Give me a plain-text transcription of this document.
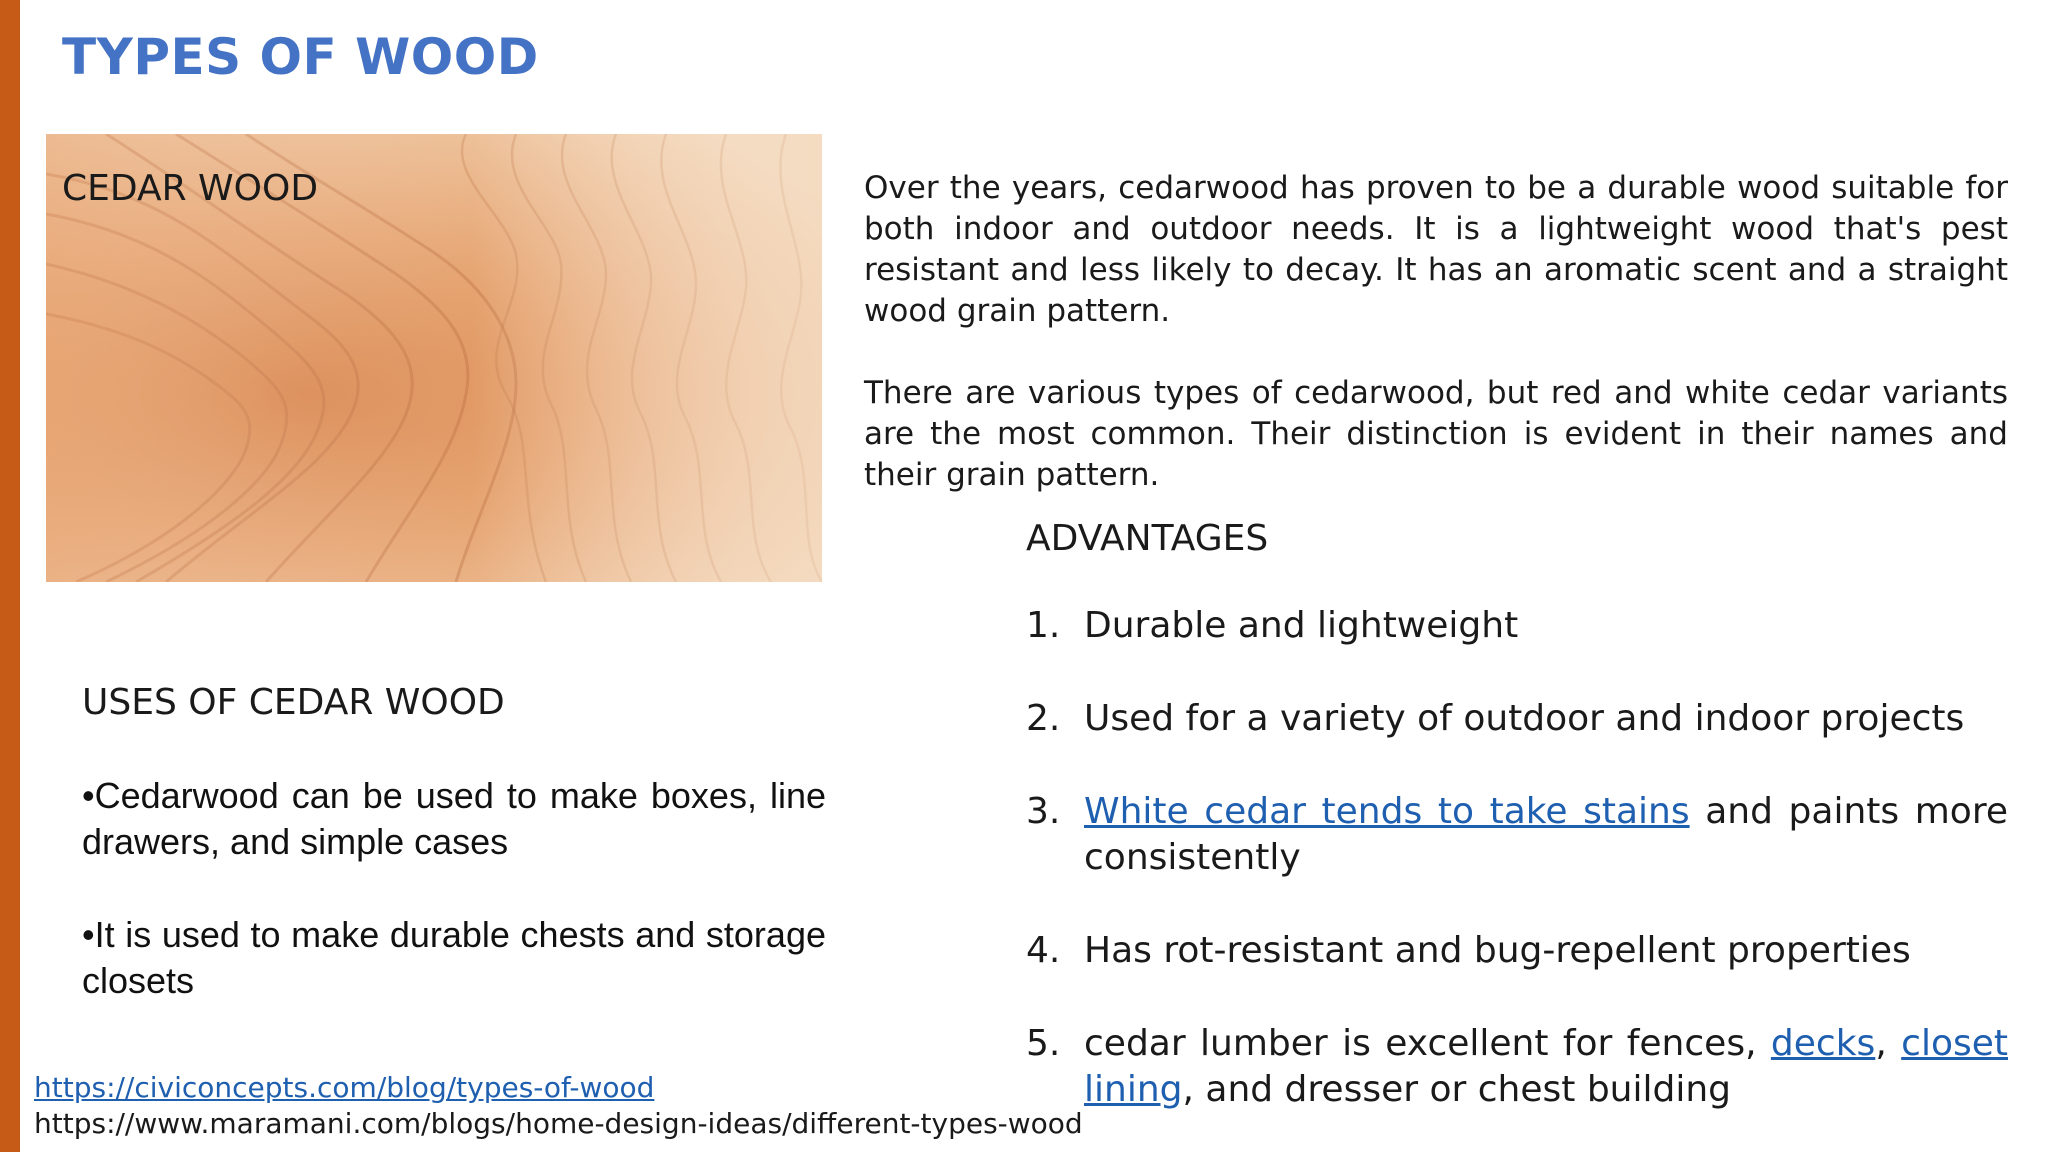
TYPES OF WOOD
CEDAR WOOD	Over the years, cedarwood has proven to be a durable wood suitable for both indoor and outdoor needs. It is a lightweight wood that's pest resistant and less likely to decay. It has an aromatic scent and a straight wood grain pattern.

There are various types of cedarwood, but red and white cedar variants are the most common. Their distinction is evident in their names and their grain pattern.

USES OF CEDAR WOOD

•Cedarwood can be used to make boxes, line drawers, and simple cases

•It is used to make durable chests and storage closets

ADVANTAGES
1. Durable and lightweight
2. Used for a variety of outdoor and indoor projects
3. White cedar tends to take stains and paints more consistently
4. Has rot-resistant and bug-repellent properties
5. cedar lumber is excellent for fences, decks, closet lining, and dresser or chest building
https://civiconcepts.com/blog/types-of-wood
https://www.maramani.com/blogs/home-design-ideas/different-types-wood
